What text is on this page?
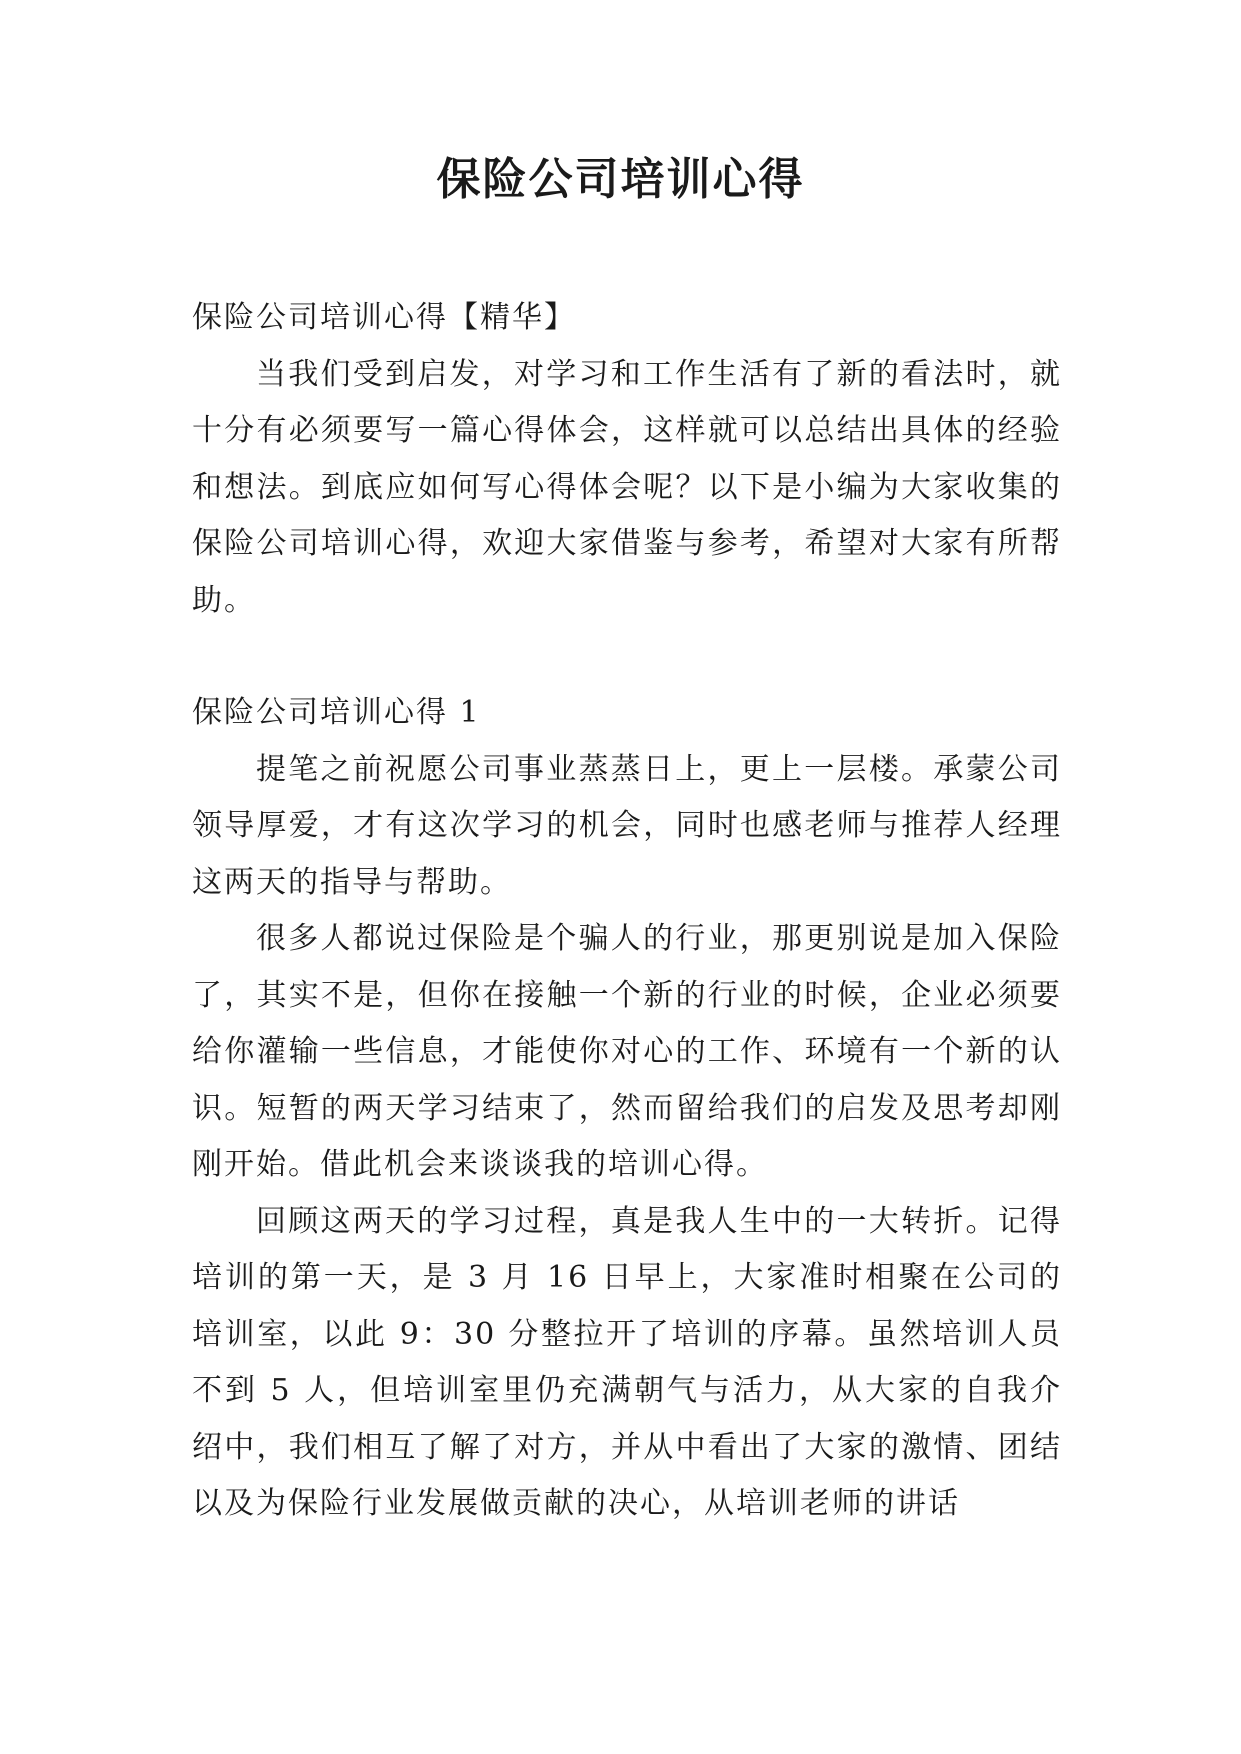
保险公司培训心得

保险公司培训心得【精华】

当我们受到启发，对学习和工作生活有了新的看法时，就十分有必须要写一篇心得体会，这样就可以总结出具体的经验和想法。到底应如何写心得体会呢？以下是小编为大家收集的保险公司培训心得，欢迎大家借鉴与参考，希望对大家有所帮助。

保险公司培训心得 1

提笔之前祝愿公司事业蒸蒸日上，更上一层楼。承蒙公司领导厚爱，才有这次学习的机会，同时也感老师与推荐人经理这两天的指导与帮助。

很多人都说过保险是个骗人的行业，那更别说是加入保险了，其实不是，但你在接触一个新的行业的时候，企业必须要给你灌输一些信息，才能使你对心的工作、环境有一个新的认识。短暂的两天学习结束了，然而留给我们的启发及思考却刚刚开始。借此机会来谈谈我的培训心得。

回顾这两天的学习过程，真是我人生中的一大转折。记得培训的第一天，是 3 月 16 日早上，大家准时相聚在公司的培训室，以此 9：30 分整拉开了培训的序幕。虽然培训人员不到 5 人，但培训室里仍充满朝气与活力，从大家的自我介绍中，我们相互了解了对方，并从中看出了大家的激情、团结以及为保险行业发展做贡献的决心，从培训老师的讲话
